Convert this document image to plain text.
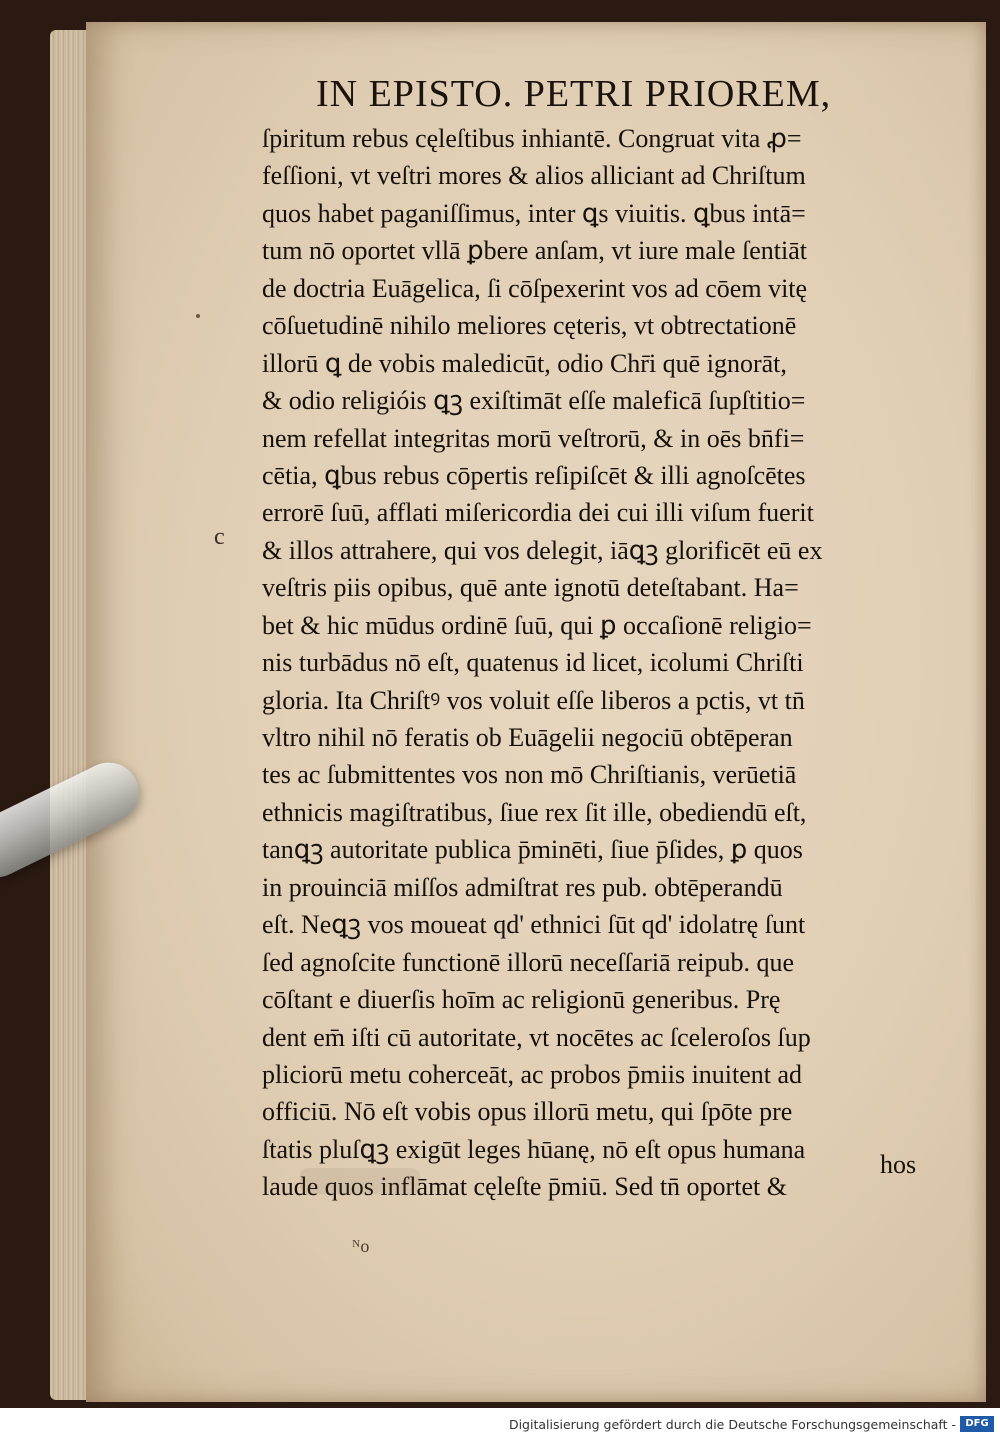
IN EPISTO. PETRI PRIOREM,
ſpiritum rebus cęleſtibus inhiantē. Congruat vita ꝓ=
feſſioni, vt veſtri mores & alios alliciant ad Chriſtum
quos habet paganiſſimus, inter ꝗs viuitis. ꝗbus intā=
tum nō oportet vllā ꝑbere anſam, vt iure male ſentiāt
de doctria Euāgelica, ſi cōſpexerint vos ad cōem vitę
cōſuetudinē nihilo meliores cęteris, vt obtrectationē
illorū ꝗ de vobis maledicūt, odio Chr̄i quē ignorāt,
& odio religióis ꝗꝫ exiſtimāt eſſe maleficā ſupſtitio=
nem refellat integritas morū veſtrorū, & in oēs bn̄fi=
cētia, ꝗbus rebus cōpertis reſipiſcēt & illi agnoſcētes
errorē ſuū, afflati miſericordia dei cui illi viſum fuerit
& illos attrahere, qui vos delegit, iāꝗꝫ glorificēt eū ex
veſtris piis opibus, quē ante ignotū deteſtabant. Ha=
bet & hic mūdus ordinē ſuū, qui ꝑ occaſionē religio=
nis turbādus nō eſt, quatenus id licet, icolumi Chriſti
gloria. Ita Chriſtꝰ vos voluit eſſe liberos a pctis, vt tn̄
vltro nihil nō feratis ob Euāgelii negociū obtēperan
tes ac ſubmittentes vos non mō Chriſtianis, verūetiā
ethnicis magiſtratibus, ſiue rex ſit ille, obediendū eſt,
tanꝗꝫ autoritate publica p̄minēti, ſiue p̄ſides, ꝑ quos
in prouinciā miſſos admiſtrat res pub. obtēperandū
eſt. Neꝗꝫ vos moueat qd' ethnici ſūt qd' idolatrę ſunt
ſed agnoſcite functionē illorū neceſſariā reipub. que
cōſtant e diuerſis hoīm ac religionū generibus. Prę
dent em̄ iſti cū autoritate, vt nocētes ac ſceleroſos ſup
pliciorū metu coherceāt, ac probos p̄miis inuitent ad
officiū. Nō eſt vobis opus illorū metu, qui ſpōte pre
ſtatis pluſꝗꝫ exigūt leges hūanę, nō eſt opus humana
laude quos inflāmat cęleſte p̄miū. Sed tn̄ oportet &
hos
c
ᴺo
Digitalisierung gefördert durch die Deutsche Forschungsgemeinschaft - DFG
